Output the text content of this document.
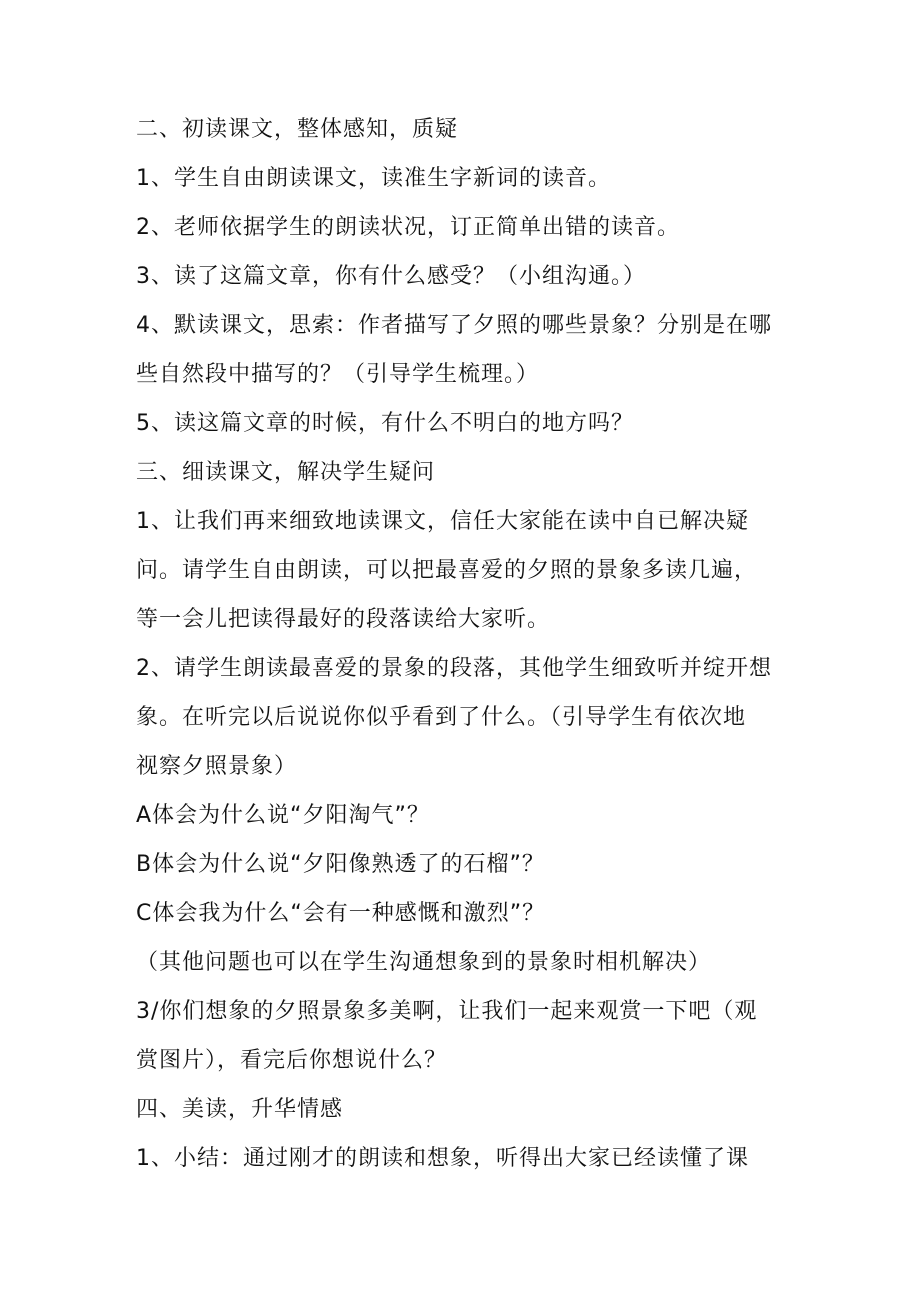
二、初读课文，整体感知，质疑
1、学生自由朗读课文，读准生字新词的读音。
2、老师依据学生的朗读状况，订正简单出错的读音。
3、读了这篇文章，你有什么感受？（小组沟通。）
4、默读课文，思索：作者描写了夕照的哪些景象？分别是在哪
些自然段中描写的？（引导学生梳理。）
5、读这篇文章的时候，有什么不明白的地方吗？
三、细读课文，解决学生疑问
1、让我们再来细致地读课文，信任大家能在读中自已解决疑
问。请学生自由朗读，可以把最喜爱的夕照的景象多读几遍，
等一会儿把读得最好的段落读给大家听。
2、请学生朗读最喜爱的景象的段落，其他学生细致听并绽开想
象。在听完以后说说你似乎看到了什么。（引导学生有依次地
视察夕照景象）
A体会为什么说“夕阳淘气”？
B体会为什么说“夕阳像熟透了的石榴”？
C体会我为什么“会有一种感慨和激烈”？
（其他问题也可以在学生沟通想象到的景象时相机解决）
3/你们想象的夕照景象多美啊，让我们一起来观赏一下吧（观
赏图片），看完后你想说什么？
四、美读，升华情感
1、小结：通过刚才的朗读和想象，听得出大家已经读懂了课
